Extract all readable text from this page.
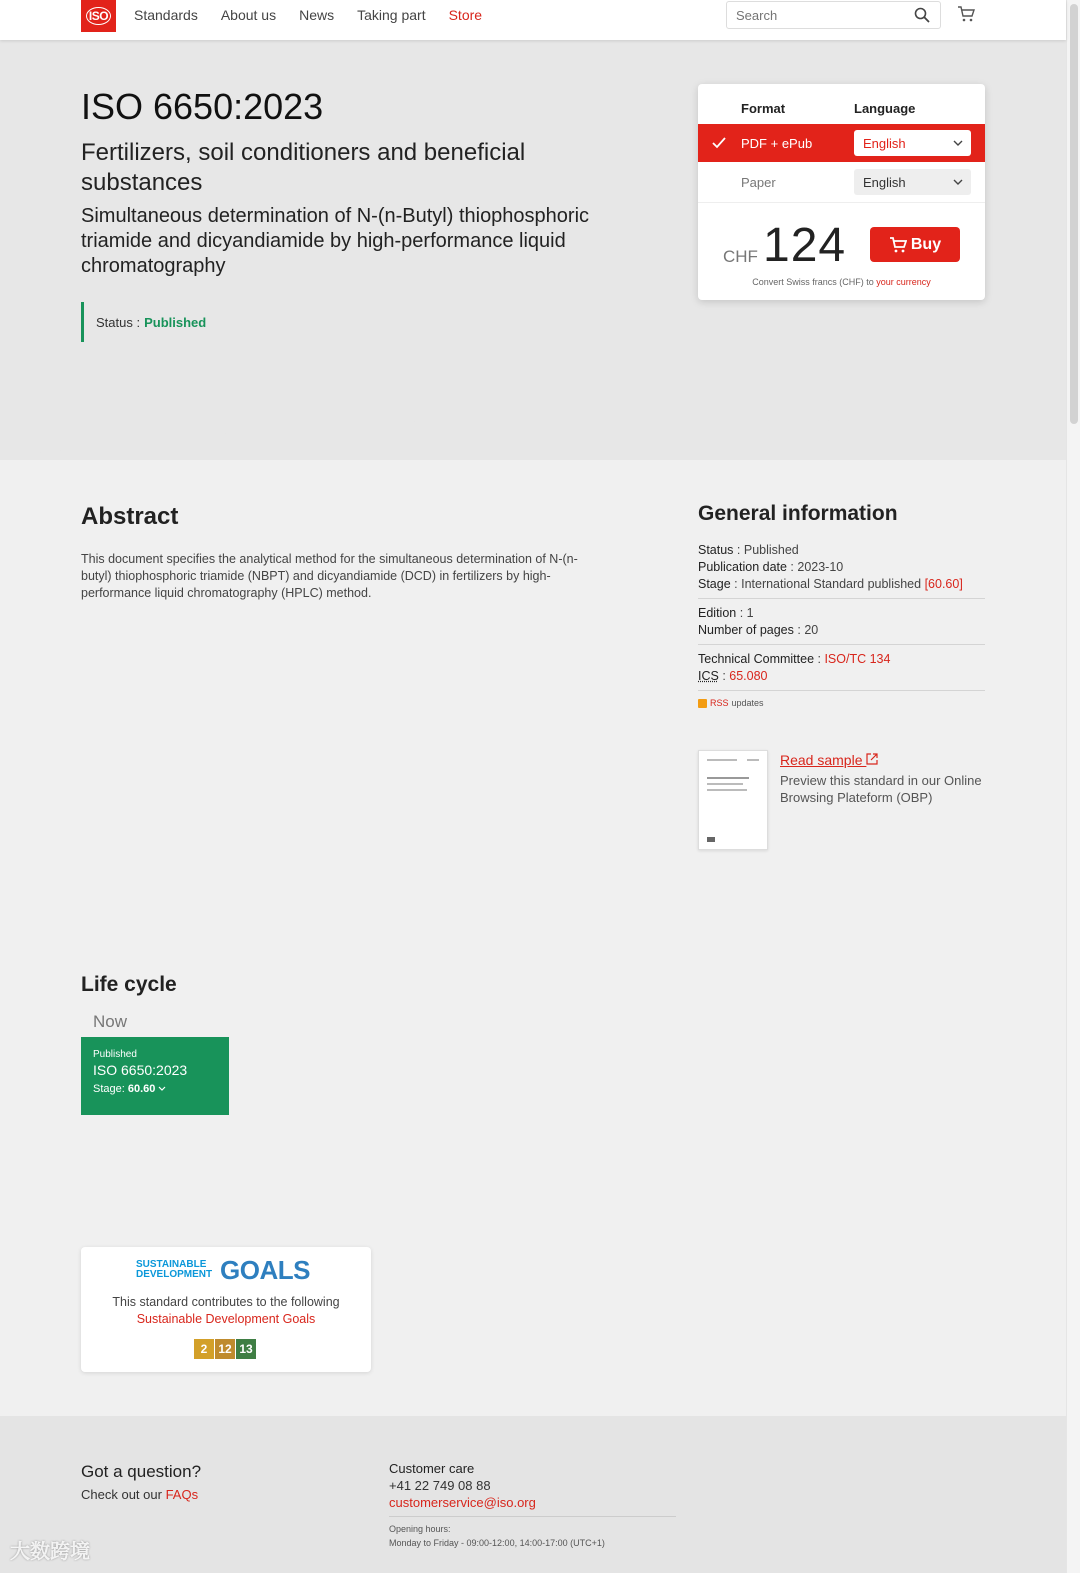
ISO Standards About us News Taking part Store
Search
ISO 6650:2023
Fertilizers, soil conditioners and beneficial substances
Simultaneous determination of N-(n-Butyl) thiophosphoric triamide and dicyandiamide by high-performance liquid chromatography
Status : Published
Format	Language
PDF + ePub	English
Paper	English
CHF 124	Buy
Convert Swiss francs (CHF) to your currency
Abstract

This document specifies the analytical method for the simultaneous determination of N-(n-butyl) thiophosphoric triamide (NBPT) and dicyandiamide (DCD) in fertilizers by high-performance liquid chromatography (HPLC) method.

General information
Status : Published
Publication date : 2023-10
Stage : International Standard published [60.60]
Edition : 1
Number of pages : 20
Technical Committee : ISO/TC 134
ICS : 65.080
RSS updates
Read sample
Preview this standard in our Online Browsing Plateform (OBP)
Life cycle
Now
Published
ISO 6650:2023
Stage: 60.60
SUSTAINABLE
DEVELOPMENT GOALS
This standard contributes to the following
Sustainable Development Goals
2 12 13
Got a question?
Check out our FAQs
Customer care
+41 22 749 08 88
customerservice@iso.org
Opening hours:
Monday to Friday - 09:00-12:00, 14:00-17:00 (UTC+1)
大数跨境
